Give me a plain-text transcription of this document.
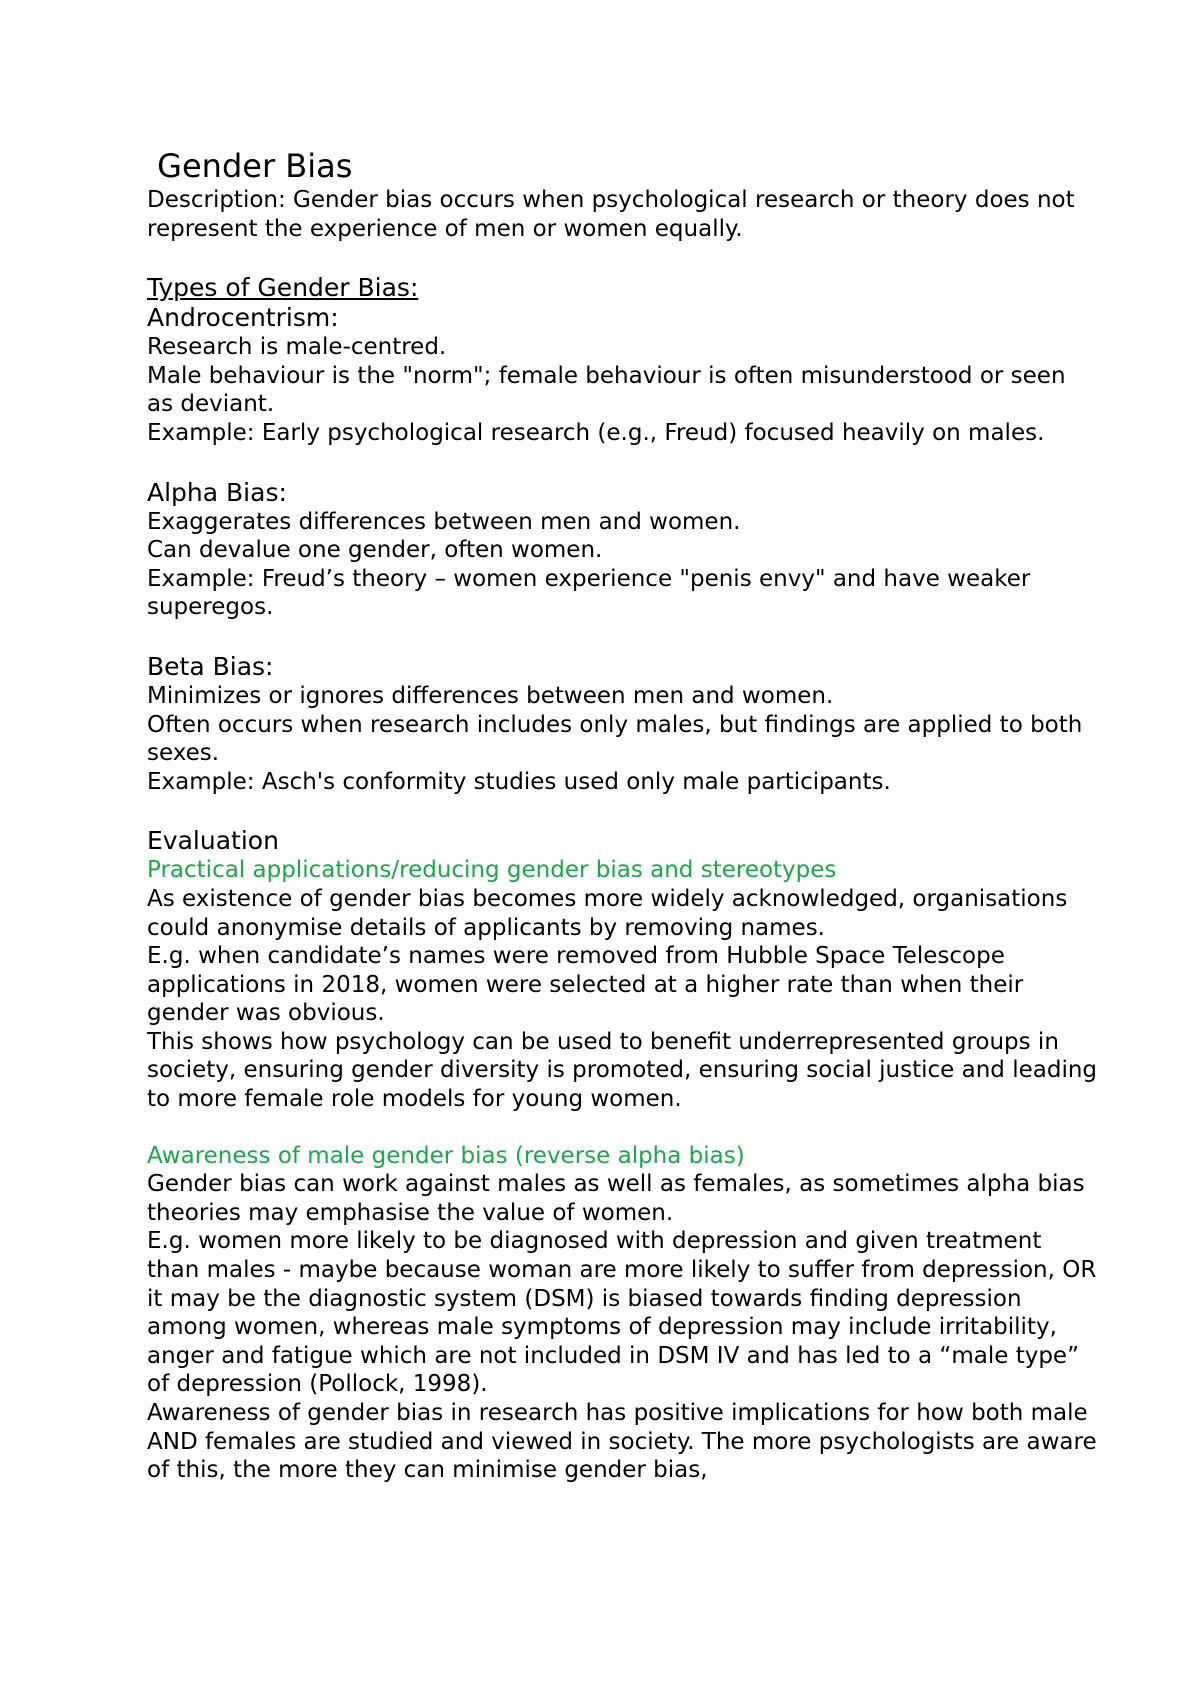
Gender Bias

Description: Gender bias occurs when psychological research or theory does not represent the experience of men or women equally.

Types of Gender Bias:
Androcentrism:

Research is male-centred.

Male behaviour is the "norm"; female behaviour is often misunderstood or seen as deviant.

Example: Early psychological research (e.g., Freud) focused heavily on males.

Alpha Bias:

Exaggerates differences between men and women.

Can devalue one gender, often women.

Example: Freud’s theory – women experience "penis envy" and have weaker superegos.

Beta Bias:

Minimizes or ignores differences between men and women.

Often occurs when research includes only males, but findings are applied to both sexes.

Example: Asch's conformity studies used only male participants.

Evaluation
Practical applications/reducing gender bias and stereotypes

As existence of gender bias becomes more widely acknowledged, organisations could anonymise details of applicants by removing names.

E.g. when candidate’s names were removed from Hubble Space Telescope applications in 2018, women were selected at a higher rate than when their gender was obvious.

This shows how psychology can be used to benefit underrepresented groups in society, ensuring gender diversity is promoted, ensuring social justice and leading to more female role models for young women.

Awareness of male gender bias (reverse alpha bias)

Gender bias can work against males as well as females, as sometimes alpha bias theories may emphasise the value of women.

E.g. women more likely to be diagnosed with depression and given treatment than males - maybe because woman are more likely to suffer from depression, OR it may be the diagnostic system (DSM) is biased towards finding depression among women, whereas male symptoms of depression may include irritability, anger and fatigue which are not included in DSM IV and has led to a “male type” of depression (Pollock, 1998).

Awareness of gender bias in research has positive implications for how both male AND females are studied and viewed in society. The more psychologists are aware of this, the more they can minimise gender bias,
